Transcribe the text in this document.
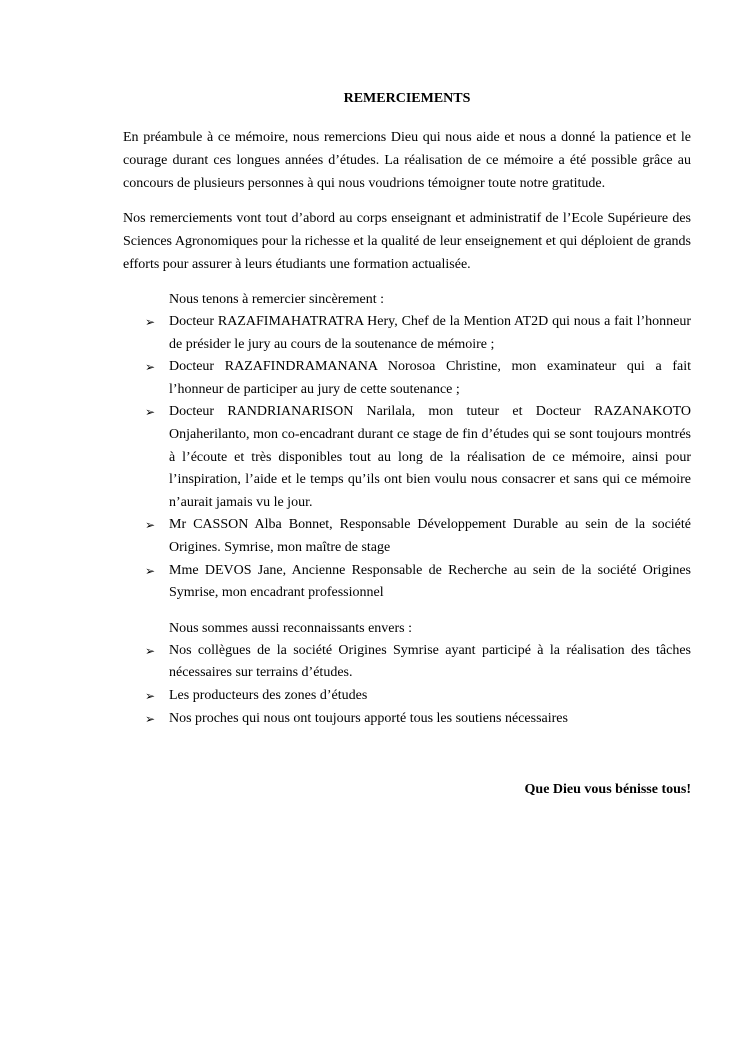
REMERCIEMENTS

En préambule à ce mémoire, nous remercions Dieu qui nous aide et nous a donné la patience et le courage durant ces longues années d’études. La réalisation de ce mémoire a été possible grâce au concours de plusieurs personnes à qui nous voudrions témoigner toute notre gratitude.

Nos remerciements vont tout d’abord au corps enseignant et administratif de l’Ecole Supérieure des Sciences Agronomiques pour la richesse et la qualité de leur enseignement et qui déploient de grands efforts pour assurer à leurs étudiants une formation actualisée.

Nous tenons à remercier sincèrement :
➢ Docteur RAZAFIMAHATRATRA Hery, Chef de la Mention AT2D qui nous a fait l’honneur de présider le jury au cours de la soutenance de mémoire ;
➢ Docteur RAZAFINDRAMANANA Norosoa Christine, mon examinateur qui a fait l’honneur de participer au jury de cette soutenance ;
➢ Docteur RANDRIANARISON Narilala, mon tuteur et Docteur RAZANAKOTO Onjaherilanto, mon co-encadrant durant ce stage de fin d’études qui se sont toujours montrés à l’écoute et très disponibles tout au long de la réalisation de ce mémoire, ainsi pour l’inspiration, l’aide et le temps qu’ils ont bien voulu nous consacrer et sans qui ce mémoire n’aurait jamais vu le jour.
➢ Mr CASSON Alba Bonnet, Responsable Développement Durable au sein de la société Origines. Symrise, mon maître de stage
➢ Mme DEVOS Jane, Ancienne Responsable de Recherche au sein de la société Origines Symrise, mon encadrant professionnel
Nous sommes aussi reconnaissants envers :
➢ Nos collègues de la société Origines Symrise ayant participé à la réalisation des tâches nécessaires sur terrains d’études.
➢ Les producteurs des zones d’études
➢ Nos proches qui nous ont toujours apporté tous les soutiens nécessaires
Que Dieu vous bénisse tous!
